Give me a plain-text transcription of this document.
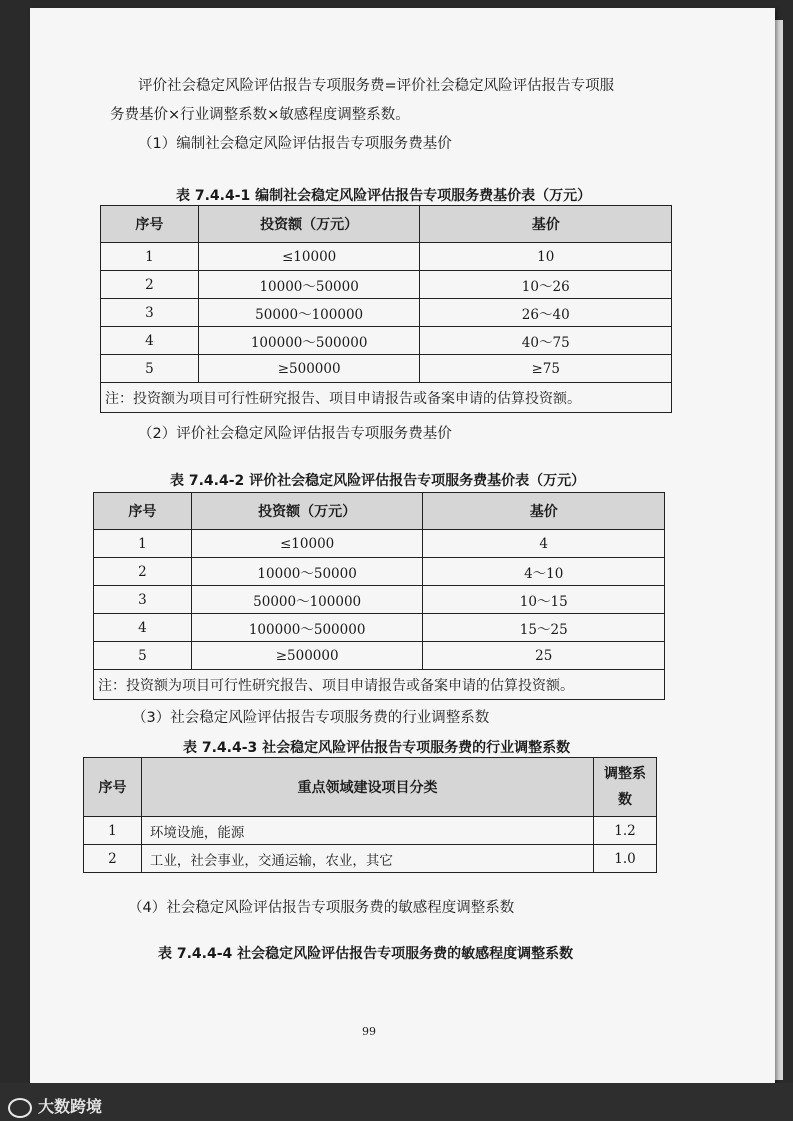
评价社会稳定风险评估报告专项服务费=评价社会稳定风险评估报告专项服
务费基价×行业调整系数×敏感程度调整系数。
（1）编制社会稳定风险评估报告专项服务费基价
表 7.4.4-1 编制社会稳定风险评估报告专项服务费基价表（万元）
序号	投资额（万元）	基价
1	≤10000	10
2	10000～50000	10～26
3	50000～100000	26～40
4	100000～500000	40～75
5	≥500000	≥75
注：投资额为项目可行性研究报告、项目申请报告或备案申请的估算投资额。		
（2）评价社会稳定风险评估报告专项服务费基价
表 7.4.4-2 评价社会稳定风险评估报告专项服务费基价表（万元）
序号	投资额（万元）	基价
1	≤10000	4
2	10000～50000	4～10
3	50000～100000	10～15
4	100000～500000	15～25
5	≥500000	25
注：投资额为项目可行性研究报告、项目申请报告或备案申请的估算投资额。		
（3）社会稳定风险评估报告专项服务费的行业调整系数
表 7.4.4-3 社会稳定风险评估报告专项服务费的行业调整系数
序号	重点领域建设项目分类	调整系
数
1	环境设施，能源	1.2
2	工业，社会事业，交通运输，农业，其它	1.0
（4）社会稳定风险评估报告专项服务费的敏感程度调整系数
表 7.4.4-4 社会稳定风险评估报告专项服务费的敏感程度调整系数
99
大数跨境
